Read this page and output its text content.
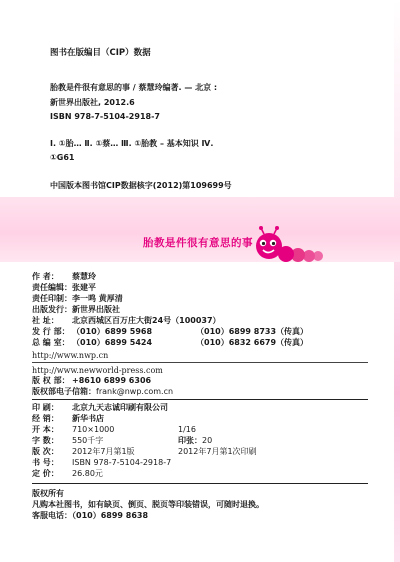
图书在版编目（CIP）数据
胎教是件很有意思的事 / 蔡慧玲编著. — 北京 :
新世界出版社, 2012.6
ISBN 978-7-5104-2918-7
Ⅰ. ①胎… Ⅱ. ①蔡… Ⅲ. ①胎教 – 基本知识 Ⅳ.
①G61
中国版本图书馆CIP数据核字(2012)第109699号
胎教是件很有意思的事
作 者： 蔡慧玲
责任编辑：张建平
责任印制：李一鸣 黄厚清
出版发行：新世界出版社
社 址： 北京西城区百万庄大街24号（100037）
发 行 部： （010）6899 5968	（010）6899 8733（传真）
总 编 室： （010）6899 5424	（010）6832 6679（传真）
http://www.nwp.cn
http://www.newworld-press.com
版 权 部： +8610 6899 6306
版权部电子信箱：frank@nwp.com.cn
印 刷： 北京九天志诚印刷有限公司
经 销： 新华书店
开 本： 710×1000	1/16
字 数： 550千字	印张：20
版 次： 2012年7月第1版	2012年7月第1次印刷
书 号： ISBN 978-7-5104-2918-7
定 价： 26.80元
版权所有
凡购本社图书，如有缺页、倒页、脱页等印装错误，可随时退换。
客服电话：（010）6899 8638
